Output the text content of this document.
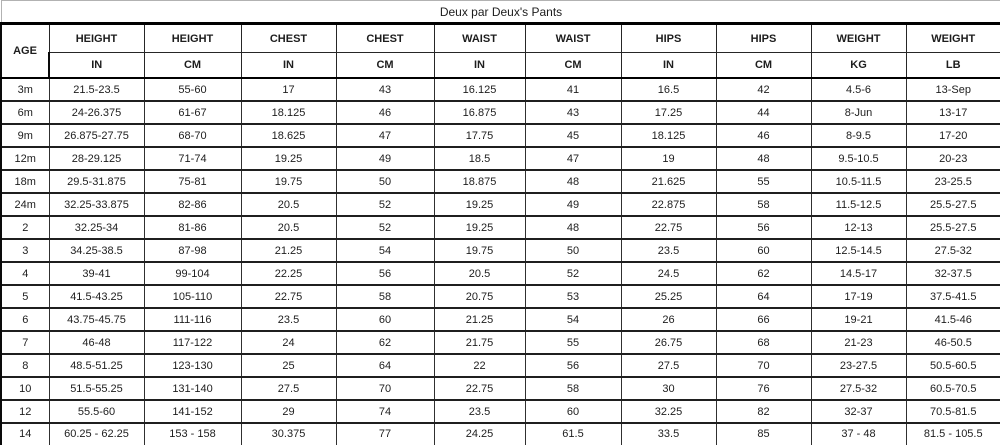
Deux par Deux's Pants										
AGE	HEIGHT	HEIGHT	CHEST	CHEST	WAIST	WAIST	HIPS	HIPS	WEIGHT	WEIGHT
	IN	CM	IN	CM	IN	CM	IN	CM	KG	LB
3m	21.5-23.5	55-60	17	43	16.125	41	16.5	42	4.5-6	13-Sep
6m	24-26.375	61-67	18.125	46	16.875	43	17.25	44	8-Jun	13-17
9m	26.875-27.75	68-70	18.625	47	17.75	45	18.125	46	8-9.5	17-20
12m	28-29.125	71-74	19.25	49	18.5	47	19	48	9.5-10.5	20-23
18m	29.5-31.875	75-81	19.75	50	18.875	48	21.625	55	10.5-11.5	23-25.5
24m	32.25-33.875	82-86	20.5	52	19.25	49	22.875	58	11.5-12.5	25.5-27.5
2	32.25-34	81-86	20.5	52	19.25	48	22.75	56	12-13	25.5-27.5
3	34.25-38.5	87-98	21.25	54	19.75	50	23.5	60	12.5-14.5	27.5-32
4	39-41	99-104	22.25	56	20.5	52	24.5	62	14.5-17	32-37.5
5	41.5-43.25	105-110	22.75	58	20.75	53	25.25	64	17-19	37.5-41.5
6	43.75-45.75	111-116	23.5	60	21.25	54	26	66	19-21	41.5-46
7	46-48	117-122	24	62	21.75	55	26.75	68	21-23	46-50.5
8	48.5-51.25	123-130	25	64	22	56	27.5	70	23-27.5	50.5-60.5
10	51.5-55.25	131-140	27.5	70	22.75	58	30	76	27.5-32	60.5-70.5
12	55.5-60	141-152	29	74	23.5	60	32.25	82	32-37	70.5-81.5
14	60.25 - 62.25	153 - 158	30.375	77	24.25	61.5	33.5	85	37 - 48	81.5 - 105.5
